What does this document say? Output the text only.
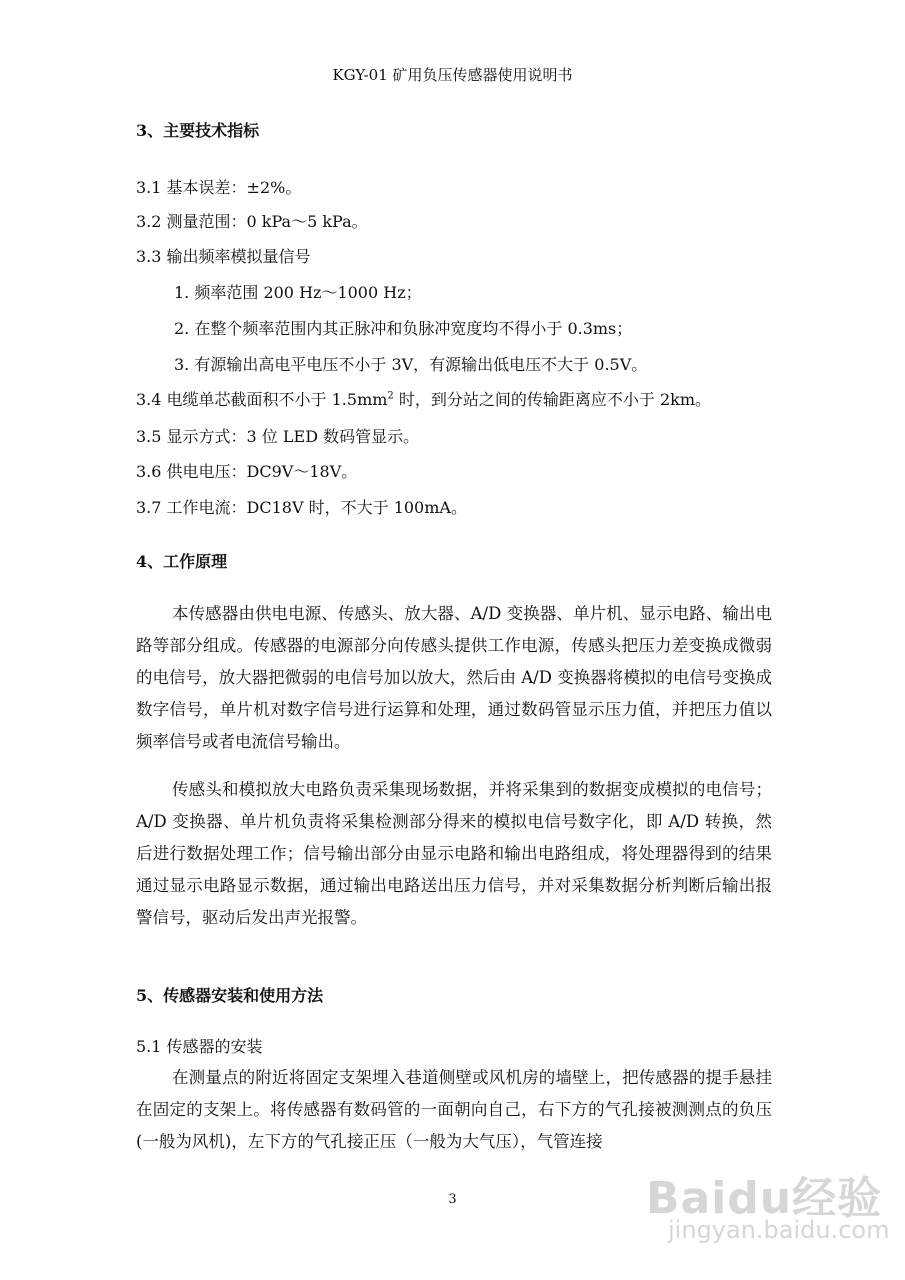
KGY-01 矿用负压传感器使用说明书
3、主要技术指标
3.1 基本误差：±2%。
3.2 测量范围：0 kPa～5 kPa。
3.3 输出频率模拟量信号
1. 频率范围 200 Hz～1000 Hz；
2. 在整个频率范围内其正脉冲和负脉冲宽度均不得小于 0.3ms；
3. 有源输出高电平电压不小于 3V，有源输出低电压不大于 0.5V。
3.4 电缆单芯截面积不小于 $1.5mm^2$ 时，到分站之间的传输距离应不小于 2km。
3.5 显示方式：3 位 LED 数码管显示。
3.6 供电电压：DC9V～18V。
3.7 工作电流：DC18V 时，不大于 100mA。
4、工作原理
本传感器由供电电源、传感头、放大器、A/D 变换器、单片机、显示电路、输出电路等部分组成。传感器的电源部分向传感头提供工作电源，传感头把压力差变换成微弱的电信号，放大器把微弱的电信号加以放大，然后由 A/D 变换器将模拟的电信号变换成数字信号，单片机对数字信号进行运算和处理，通过数码管显示压力值，并把压力值以频率信号或者电流信号输出。
传感头和模拟放大电路负责采集现场数据，并将采集到的数据变成模拟的电信号；A/D 变换器、单片机负责将采集检测部分得来的模拟电信号数字化，即 A/D 转换，然后进行数据处理工作；信号输出部分由显示电路和输出电路组成，将处理器得到的结果通过显示电路显示数据，通过输出电路送出压力信号，并对采集数据分析判断后输出报警信号，驱动后发出声光报警。
5、传感器安装和使用方法
5.1 传感器的安装
在测量点的附近将固定支架埋入巷道侧壁或风机房的墙壁上，把传感器的提手悬挂在固定的支架上。将传感器有数码管的一面朝向自己，右下方的气孔接被测测点的负压(一般为风机)，左下方的气孔接正压（一般为大气压），气管连接
3	Baidu经验
jingyan.baidu.com
